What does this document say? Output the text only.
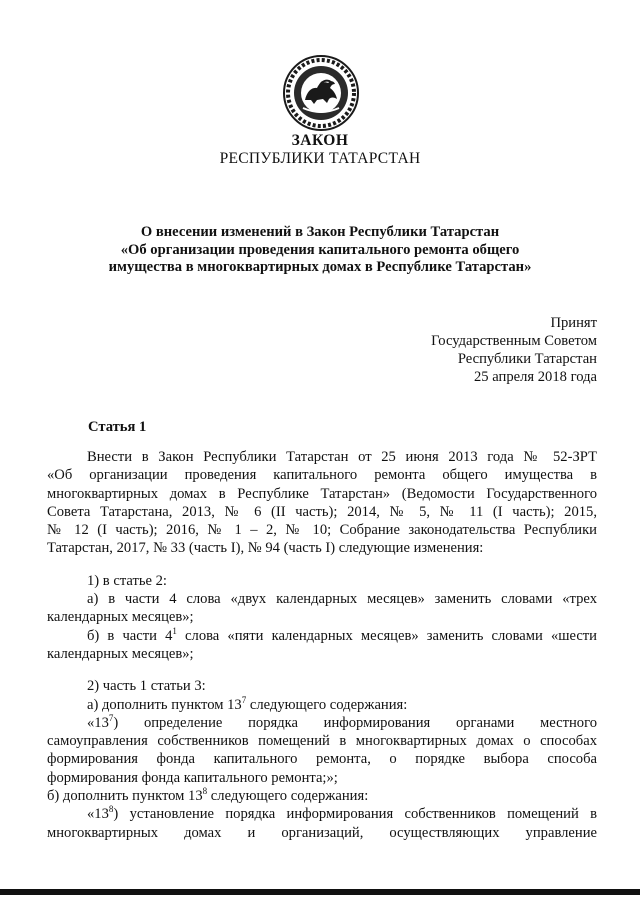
ЗАКОН
РЕСПУБЛИКИ ТАТАРСТАН
О внесении изменений в Закон Республики Татарстан
«Об организации проведения капитального ремонта общего
имущества в многоквартирных домах в Республике Татарстан»
Принят
Государственным Советом
Республики Татарстан
25 апреля 2018 года
Статья 1
Внести в Закон Республики Татарстан от 25 июня 2013 года № 52-ЗРТ
«Об организации проведения капитального ремонта общего имущества в
многоквартирных домах в Республике Татарстан» (Ведомости Государственного
Совета Татарстана, 2013, № 6 (II часть); 2014, № 5, № 11 (I часть); 2015,
№ 12 (I часть); 2016, № 1 – 2, № 10; Собрание законодательства Республики
Татарстан, 2017, № 33 (часть I), № 94 (часть I) следующие изменения:
1) в статье 2:
а) в части 4 слова «двух календарных месяцев» заменить словами «трех
календарных месяцев»;
б) в части $4^1$ слова «пяти календарных месяцев» заменить словами «шести
календарных месяцев»;
2) часть 1 статьи 3:
а) дополнить пунктом $13^7$ следующего содержания:
«$13^7$) определение порядка информирования органами местного
самоуправления собственников помещений в многоквартирных домах о способах
формирования фонда капитального ремонта, о порядке выбора способа
формирования фонда капитального ремонта;»;
б) дополнить пунктом $13^8$ следующего содержания:
«$13^8$) установление порядка информирования собственников помещений в
многоквартирных домах и организаций, осуществляющих управление
